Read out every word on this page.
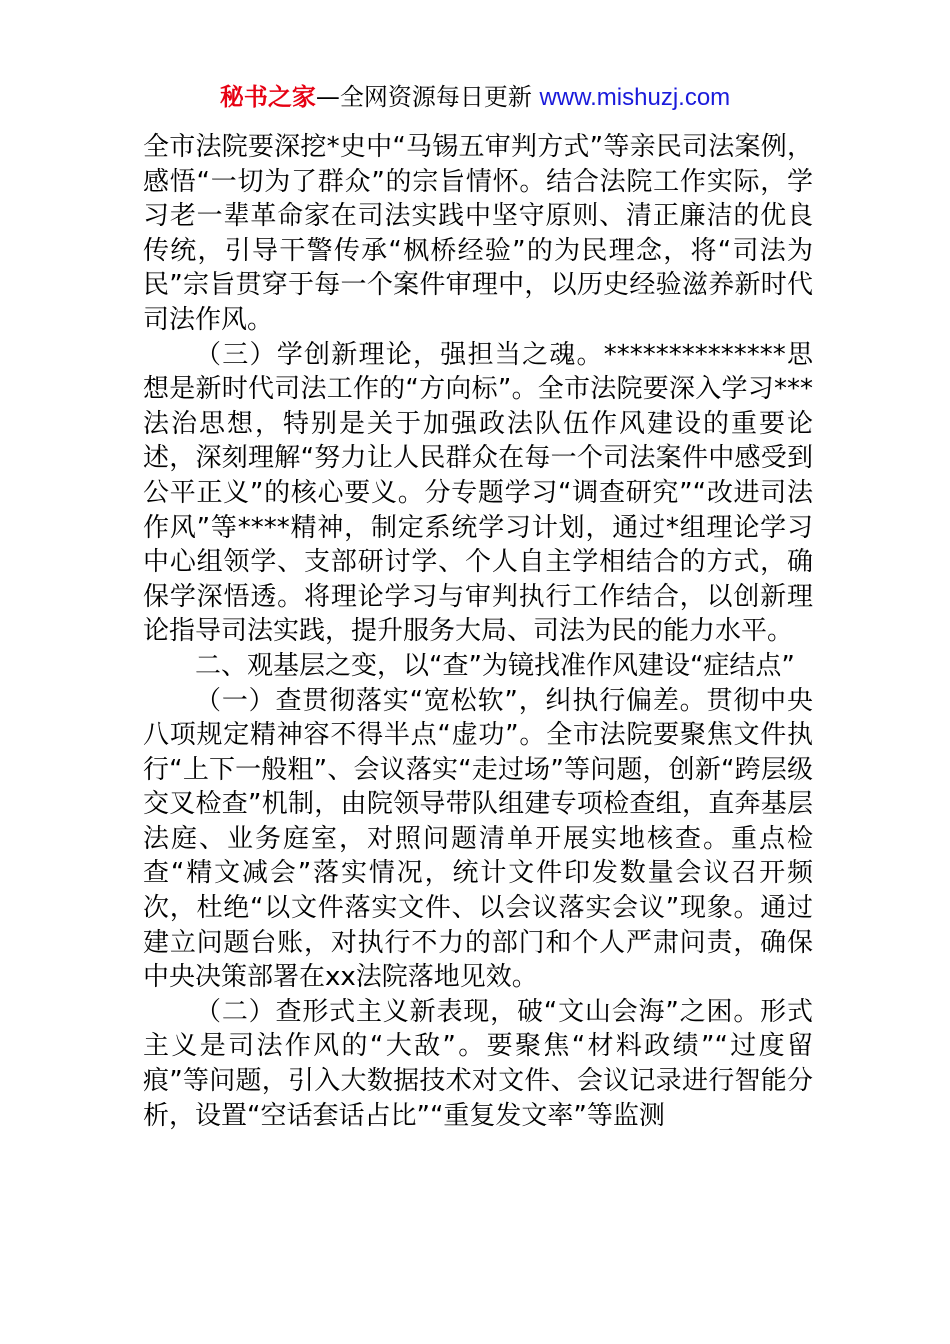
秘书之家—全网资源每日更新 www.mishuzj.com

全市法院要深挖*史中“马锡五审判方式”等亲民司法案例，感悟“一切为了群众”的宗旨情怀。结合法院工作实际，学习老一辈革命家在司法实践中坚守原则、清正廉洁的优良传统，引导干警传承“枫桥经验”的为民理念，将“司法为民”宗旨贯穿于每一个案件审理中，以历史经验滋养新时代司法作风。

（三）学创新理论，强担当之魂。**************思想是新时代司法工作的“方向标”。全市法院要深入学习***法治思想，特别是关于加强政法队伍作风建设的重要论述，深刻理解“努力让人民群众在每一个司法案件中感受到公平正义”的核心要义。分专题学习“调查研究”“改进司法作风”等****精神，制定系统学习计划，通过*组理论学习中心组领学、支部研讨学、个人自主学相结合的方式，确保学深悟透。将理论学习与审判执行工作结合，以创新理论指导司法实践，提升服务大局、司法为民的能力水平。

二、观基层之变，以“查”为镜找准作风建设“症结点”

（一）查贯彻落实“宽松软”，纠执行偏差。贯彻中央八项规定精神容不得半点“虚功”。全市法院要聚焦文件执行“上下一般粗”、会议落实“走过场”等问题，创新“跨层级交叉检查”机制，由院领导带队组建专项检查组，直奔基层法庭、业务庭室，对照问题清单开展实地核查。重点检查“精文减会”落实情况，统计文件印发数量会议召开频次，杜绝“以文件落实文件、以会议落实会议”现象。通过建立问题台账，对执行不力的部门和个人严肃问责，确保中央决策部署在xx法院落地见效。

（二）查形式主义新表现，破“文山会海”之困。形式主义是司法作风的“大敌”。要聚焦“材料政绩”“过度留痕”等问题，引入大数据技术对文件、会议记录进行智能分析，设置“空话套话占比”“重复发文率”等监测
